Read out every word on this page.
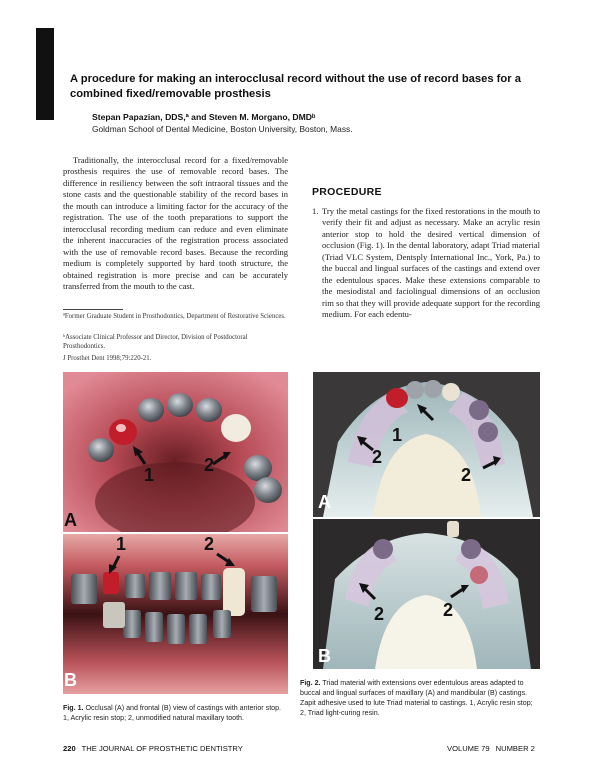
A procedure for making an interocclusal record without the use of record bases for a combined fixed/removable prosthesis
Stepan Papazian, DDS,ª and Steven M. Morgano, DMDᵇ
Goldman School of Dental Medicine, Boston University, Boston, Mass.

Traditionally, the interocclusal record for a fixed/removable prosthesis requires the use of removable record bases. The difference in resiliency between the soft intraoral tissues and the stone casts and the questionable stability of the record bases in the mouth can introduce a limiting factor for the accuracy of the registration. The use of the tooth preparations to support the interocclusal recording medium can reduce and even eliminate the inherent inaccuracies of the registration process associated with the use of removable record bases. Because the recording medium is completely supported by hard tooth structure, the obtained registration is more precise and can be accurately transferred from the mouth to the cast.

PROCEDURE
1. Try the metal castings for the fixed restorations in the mouth to verify their fit and adjust as necessary. Make an acrylic resin anterior stop to hold the desired vertical dimension of occlusion (Fig. 1). In the dental laboratory, adapt Triad material (Triad VLC System, Dentsply International Inc., York, Pa.) to the buccal and lingual surfaces of the castings and extend over the edentulous spaces. Make these extensions comparable to the mesiodistal and faciolingual dimensions of an occlusion rim so that they will provide adequate support for the recording medium. For each edentu-
ªFormer Graduate Student in Prosthodontics, Department of Restorative Sciences.
ᵇAssociate Clinical Professor and Director, Division of Postdoctoral Prosthodontics.
J Prosthet Dent 1998;79:220-21.
1	2
A
1	2
B
Fig. 1. Occlusal (A) and frontal (B) view of castings with anterior stop. 1, Acrylic resin stop; 2, unmodified natural maxillary tooth.
1
2
2
A
2	2
B
Fig. 2. Triad material with extensions over edentulous areas adapted to buccal and lingual surfaces of maxillary (A) and mandibular (B) castings. Zapit adhesive used to lute Triad material to castings. 1, Acrylic resin stop; 2, Triad light-curing resin.
220 THE JOURNAL OF PROSTHETIC DENTISTRY	VOLUME 79 NUMBER 2
